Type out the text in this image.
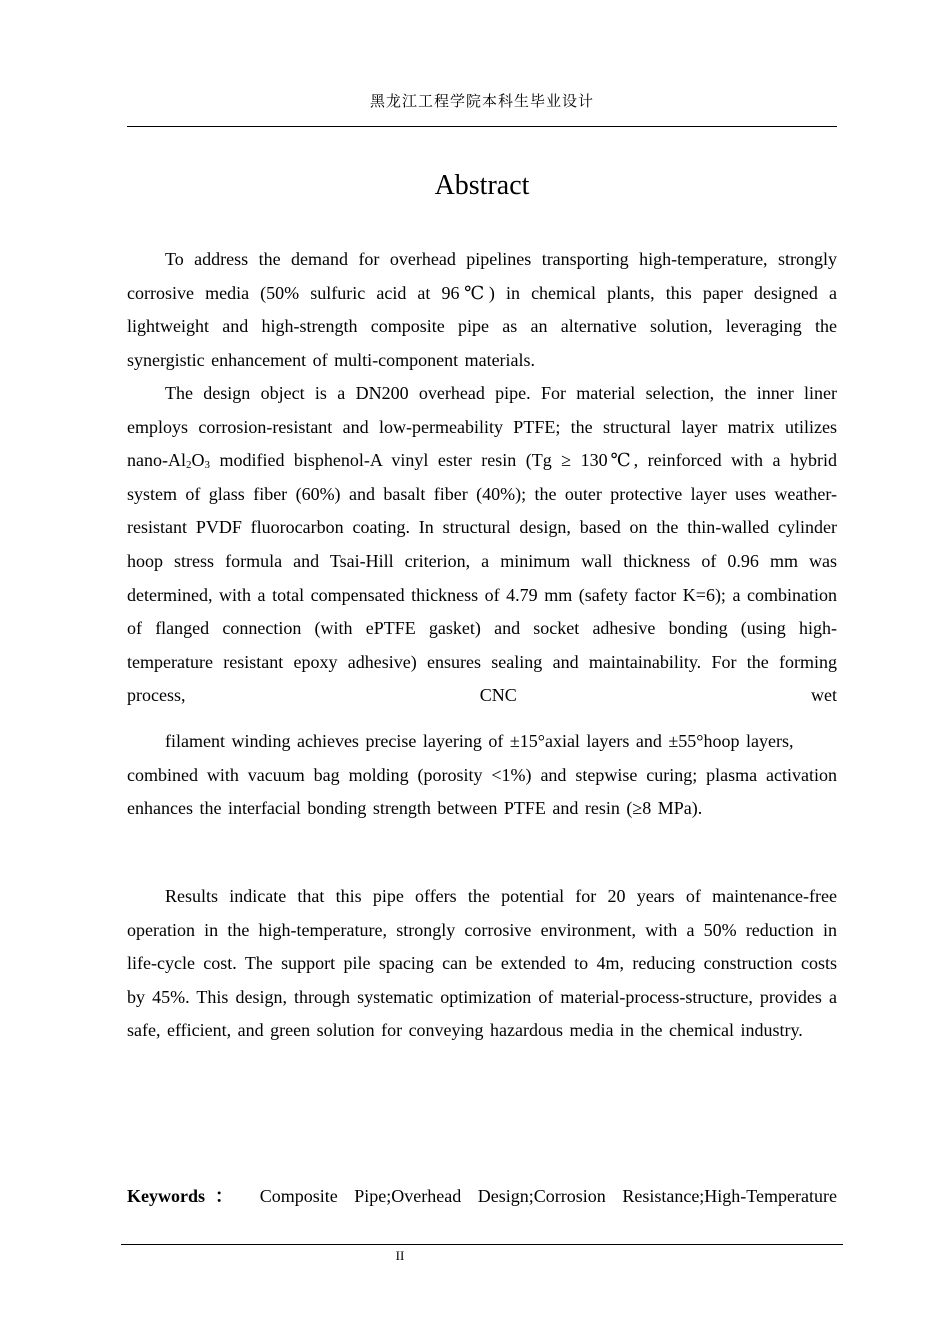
黑龙江工程学院本科生毕业设计
Abstract

To address the demand for overhead pipelines transporting high-temperature, strongly corrosive media (50% sulfuric acid at 96℃) in chemical plants, this paper designed a lightweight and high-strength composite pipe as an alternative solution, leveraging the synergistic enhancement of multi-component materials.

The design object is a DN200 overhead pipe. For material selection, the inner liner employs corrosion-resistant and low-permeability PTFE; the structural layer matrix utilizes nano-$Al_2O_3$ modified bisphenol-A vinyl ester resin (Tg ≥ 130℃, reinforced with a hybrid system of glass fiber (60%) and basalt fiber (40%); the outer protective layer uses weather-resistant PVDF fluorocarbon coating. In structural design, based on the thin-walled cylinder hoop stress formula and Tsai-Hill criterion, a minimum wall thickness of 0.96 mm was determined, with a total compensated thickness of 4.79 mm (safety factor K=6); a combination of flanged connection (with ePTFE gasket) and socket adhesive bonding (using high-temperature resistant epoxy adhesive) ensures sealing and maintainability. For the forming process, CNC wet filament winding achieves precise layering of ±15°axial layers and ±55°hoop layers, combined with vacuum bag molding (porosity <1%) and stepwise curing; plasma activation enhances the interfacial bonding strength between PTFE and resin (≥8 MPa).

Results indicate that this pipe offers the potential for 20 years of maintenance-free operation in the high-temperature, strongly corrosive environment, with a 50% reduction in life-cycle cost. The support pile spacing can be extended to 4m, reducing construction costs by 45%. This design, through systematic optimization of material-process-structure, provides a safe, efficient, and green solution for conveying hazardous media in the chemical industry.

Keywords： Composite Pipe;Overhead Design;Corrosion Resistance;High-Temperature
II
